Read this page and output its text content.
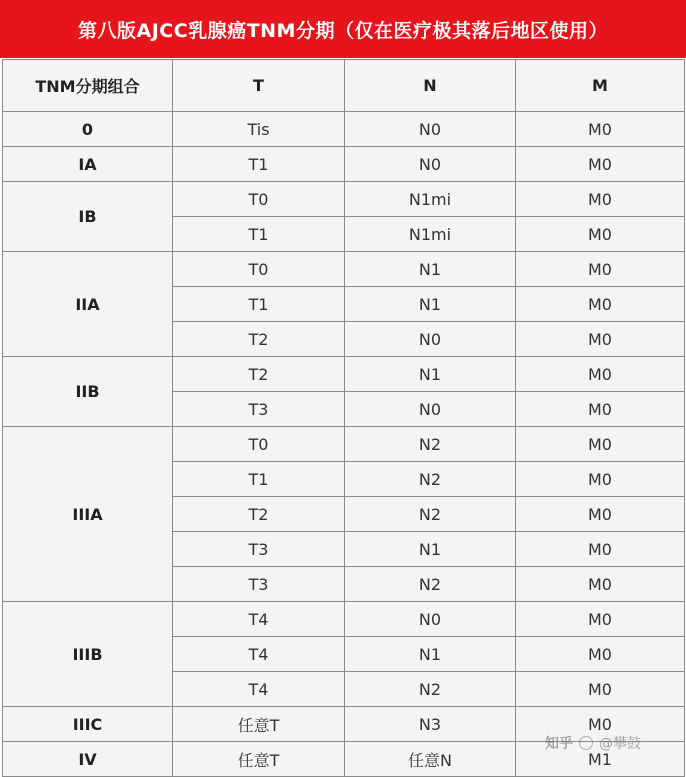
第八版AJCC乳腺癌TNM分期（仅在医疗极其落后地区使用）
TNM分期组合	T	N	M
0	Tis	N0	M0
IA	T1	N0	M0
IB	T0	N1mi	M0
	T1	N1mi	M0
IIA	T0	N1	M0
	T1	N1	M0
	T2	N0	M0
IIB	T2	N1	M0
	T3	N0	M0
IIIA	T0	N2	M0
	T1	N2	M0
	T2	N2	M0
	T3	N1	M0
	T3	N2	M0
IIIB	T4	N0	M0
	T4	N1	M0
	T4	N2	M0
IIIC	任意T	N3	M0
IV	任意T	任意N	M1
知乎 @攀鼓
